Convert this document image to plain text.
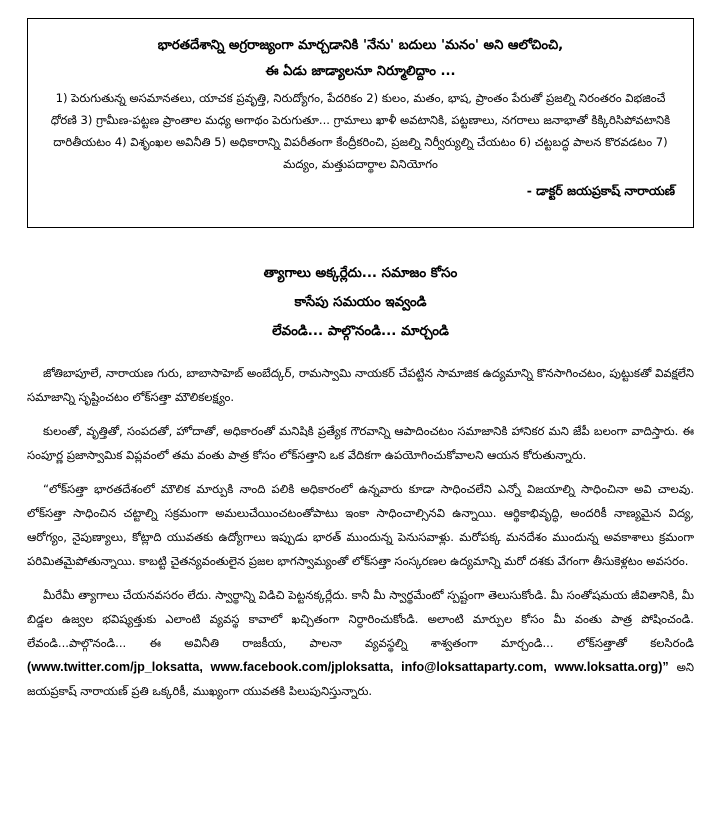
భారతదేశాన్ని అగ్రరాజ్యంగా మార్చడానికి 'నేను' బదులు 'మనం' అని ఆలోచించి,
ఈ ఏడు జాడ్యాలనూ నిర్మూలిద్దాం ...
1) పెరుగుతున్న అసమానతలు, యాచక ప్రవృత్తి, నిరుద్యోగం, పేదరికం 2) కులం, మతం, భాష, ప్రాంతం పేరుతో ప్రజల్ని నిరంతరం విభజించే ధోరణి 3) గ్రామీణ-పట్టణ ప్రాంతాల మధ్య అగాథం పెరుగుతూ... గ్రామాలు ఖాళీ అవటానికి, పట్టణాలు, నగరాలు జనాభాతో కిక్కిరిసిపోవటానికి దారితీయటం 4) విశృంఖల అవినీతి 5) అధికారాన్ని విపరీతంగా కేంద్రీకరించి, ప్రజల్ని నిర్వీర్యుల్ని చేయటం 6) చట్టబద్ధ పాలన కొరవడటం 7) మద్యం, మత్తుపదార్థాల వినియోగం
- డాక్టర్ జయప్రకాష్ నారాయణ్
త్యాగాలు అక్కర్లేదు... సమాజం కోసం
కాసేపు సమయం ఇవ్వండి
లేవండి... పాల్గొనండి... మార్చండి

జోతిబాపూలే, నారాయణ గురు, బాబాసాహెబ్ అంబేద్కర్, రామస్వామి నాయకర్ చేపట్టిన సామాజిక ఉద్యమాన్ని కొనసాగించటం, పుట్టుకతో వివక్షలేని సమాజాన్ని సృష్టించటం లోక్‌సత్తా మౌలికలక్ష్యం.

కులంతో, వృత్తితో, సంపదతో, హోదాతో, అధికారంతో మనిషికి ప్రత్యేక గౌరవాన్ని ఆపాదించటం సమాజానికి హానికర మని జేపీ బలంగా వాదిస్తారు. ఈ సంపూర్ణ ప్రజాస్వామిక విప్లవంలో తమ వంతు పాత్ర కోసం లోక్‌సత్తాని ఒక వేదికగా ఉపయోగించుకోవాలని ఆయన కోరుతున్నారు.

“లోక్‌సత్తా భారతదేశంలో మౌలిక మార్పుకి నాంది పలికి అధికారంలో ఉన్నవారు కూడా సాధించలేని ఎన్నో విజయాల్ని సాధించినా అవి చాలవు. లోక్‌సత్తా సాధించిన చట్టాల్ని సక్రమంగా అమలుచేయించటంతోపాటు ఇంకా సాధించాల్సినవి ఉన్నాయి. ఆర్థికాభివృద్ధి, అందరికీ నాణ్యమైన విద్య, ఆరోగ్యం, నైపుణ్యాలు, కోట్లాది యువతకు ఉద్యోగాలు ఇప్పుడు భారత్ ముందున్న పెనుసవాళ్లు. మరోపక్క మనదేశం ముందున్న అవకాశాలు క్రమంగా పరిమితమైపోతున్నాయి. కాబట్టి చైతన్యవంతులైన ప్రజల భాగస్వామ్యంతో లోక్‌సత్తా సంస్కరణల ఉద్యమాన్ని మరో దశకు వేగంగా తీసుకెళ్లటం అవసరం.

మీరేమీ త్యాగాలు చేయనవసరం లేదు. స్వార్థాన్ని విడిచి పెట్టనక్కర్లేదు. కానీ మీ స్వార్థమేంటో స్పష్టంగా తెలుసుకోండి. మీ సంతోషమయ జీవితానికి, మీ బిడ్డల ఉజ్వల భవిష్యత్తుకు ఎలాంటి వ్యవస్థ కావాలో ఖచ్చితంగా నిర్ధారించుకోండి. అలాంటి మార్పుల కోసం మీ వంతు పాత్ర పోషించండి. లేవండి...పాల్గొనండి... ఈ అవినీతి రాజకీయ, పాలనా వ్యవస్థల్ని శాశ్వతంగా మార్చండి... లోక్‌సత్తాతో కలసిరండి (www.twitter.com/jp_loksatta, www.facebook.com/jploksatta, info@loksattaparty.com, www.loksatta.org)” అని జయప్రకాష్ నారాయణ్ ప్రతి ఒక్కరికీ, ముఖ్యంగా యువతకి పిలుపునిస్తున్నారు.
